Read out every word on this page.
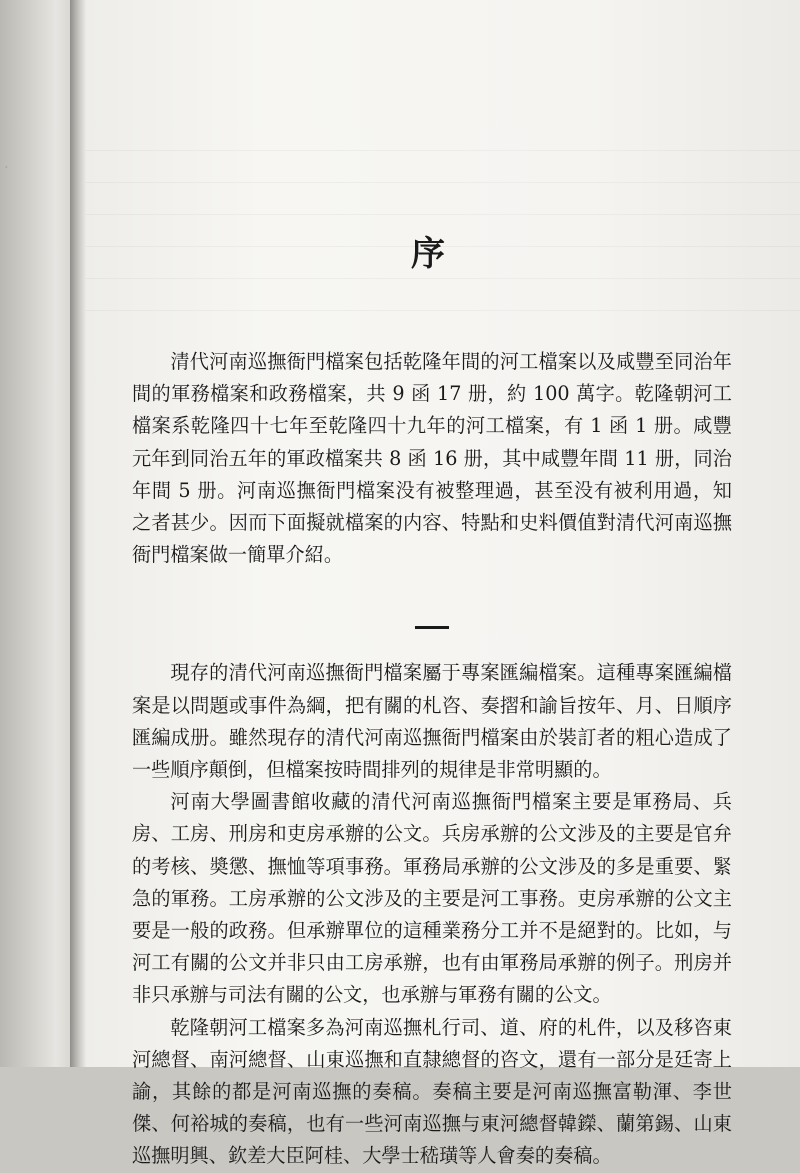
·
序

清代河南巡撫衙門檔案包括乾隆年間的河工檔案以及咸豐至同治年間的軍務檔案和政務檔案，共 9 函 17 册，約 100 萬字。乾隆朝河工檔案系乾隆四十七年至乾隆四十九年的河工檔案，有 1 函 1 册。咸豐元年到同治五年的軍政檔案共 8 函 16 册，其中咸豐年間 11 册，同治年間 5 册。河南巡撫衙門檔案没有被整理過，甚至没有被利用過，知之者甚少。因而下面擬就檔案的内容、特點和史料價值對清代河南巡撫衙門檔案做一簡單介紹。

現存的清代河南巡撫衙門檔案屬于專案匯編檔案。這種專案匯編檔案是以問題或事件為綱，把有關的札咨、奏摺和諭旨按年、月、日順序匯編成册。雖然現存的清代河南巡撫衙門檔案由於裝訂者的粗心造成了一些順序顛倒，但檔案按時間排列的規律是非常明顯的。

河南大學圖書館收藏的清代河南巡撫衙門檔案主要是軍務局、兵房、工房、刑房和吏房承辦的公文。兵房承辦的公文涉及的主要是官弁的考核、奬懲、撫恤等項事務。軍務局承辦的公文涉及的多是重要、緊急的軍務。工房承辦的公文涉及的主要是河工事務。吏房承辦的公文主要是一般的政務。但承辦單位的這種業務分工并不是絕對的。比如，与河工有關的公文并非只由工房承辦，也有由軍務局承辦的例子。刑房并非只承辦与司法有關的公文，也承辦与軍務有關的公文。

乾隆朝河工檔案多為河南巡撫札行司、道、府的札件，以及移咨東河總督、南河總督、山東巡撫和直隸總督的咨文，還有一部分是廷寄上諭，其餘的都是河南巡撫的奏稿。奏稿主要是河南巡撫富勒渾、李世傑、何裕城的奏稿，也有一些河南巡撫与東河總督韓鑅、蘭第錫、山東巡撫明興、欽差大臣阿桂、大學士嵇璜等人會奏的奏稿。
